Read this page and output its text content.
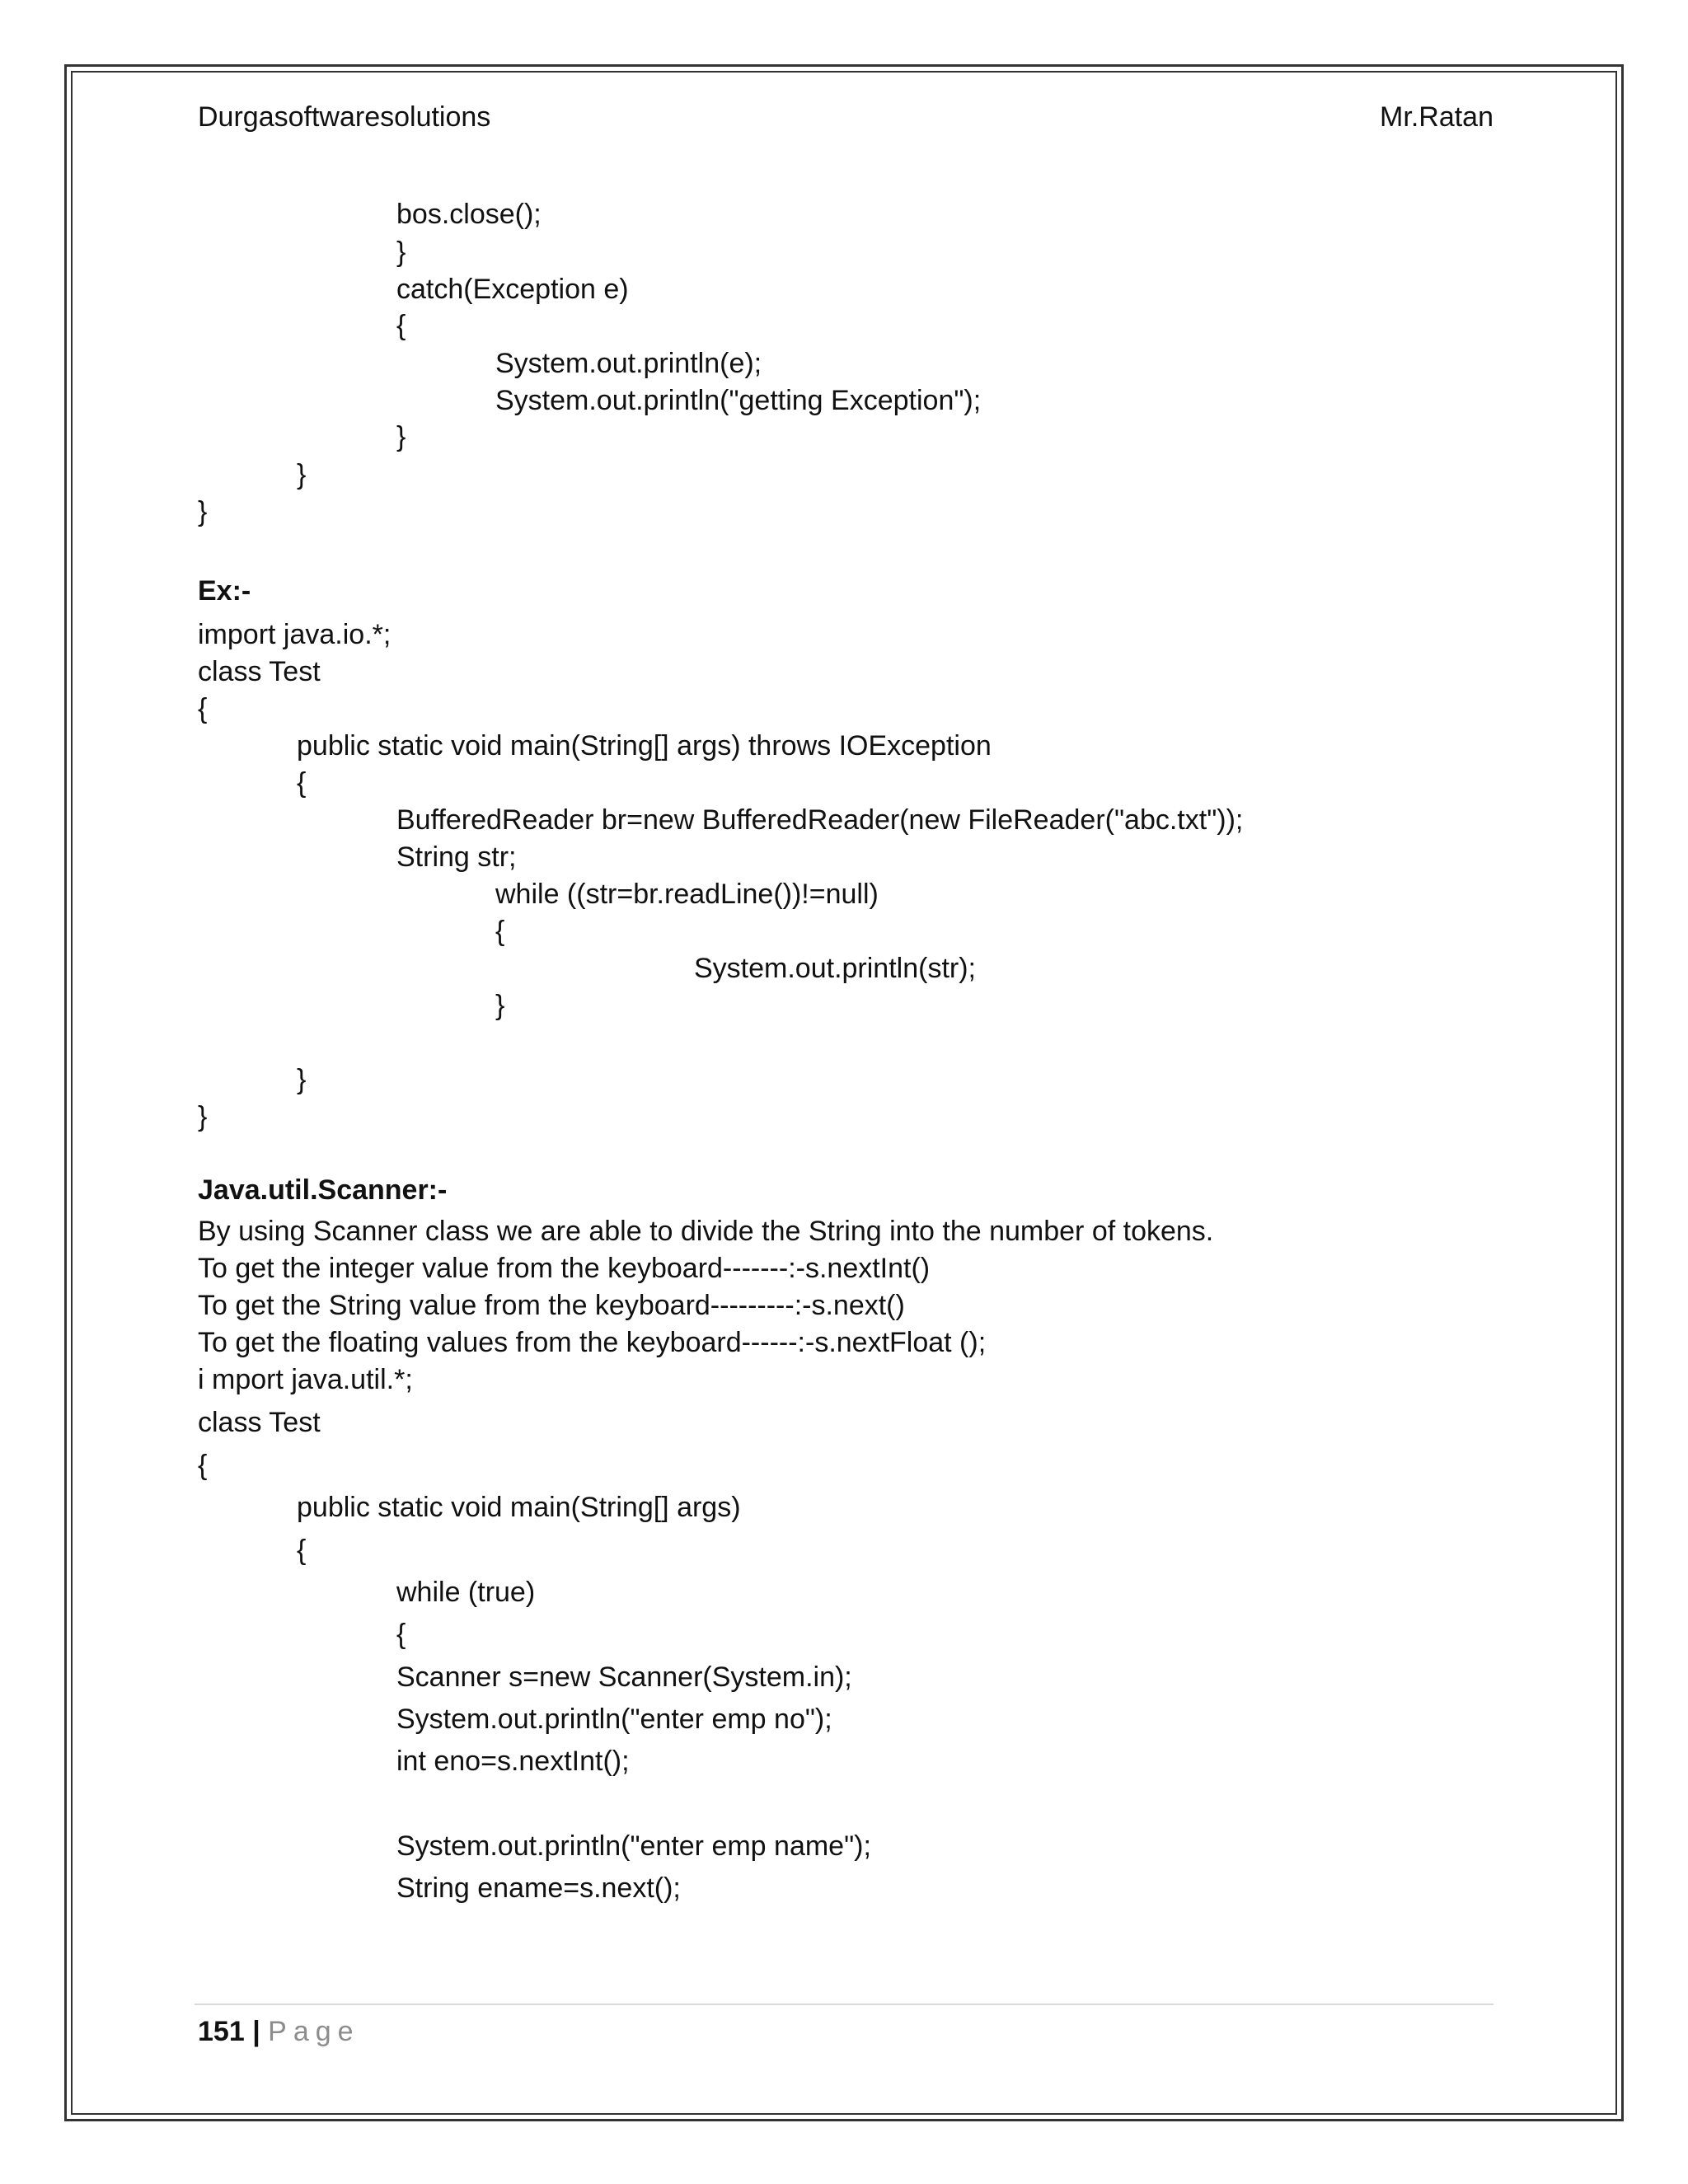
Durgasoftwaresolutions	Mr.Ratan
bos.close();
}
catch(Exception e)
{
System.out.println(e);
System.out.println("getting Exception");
}
}
}
Ex:-
import java.io.*;
class Test
{
public static void main(String[] args) throws IOException
{
BufferedReader br=new BufferedReader(new FileReader("abc.txt"));
String str;
while ((str=br.readLine())!=null)
{
System.out.println(str);
}
}
}
Java.util.Scanner:-
By using Scanner class we are able to divide the String into the number of tokens.
To get the integer value from the keyboard-------:-s.nextInt()
To get the String value from the keyboard---------:-s.next()
To get the floating values from the keyboard------:-s.nextFloat ();
i mport java.util.*;
class Test
{
public static void main(String[] args)
{
while (true)
{
Scanner s=new Scanner(System.in);
System.out.println("enter emp no");
int eno=s.nextInt();
System.out.println("enter emp name");
String ename=s.next();
151 | Page
